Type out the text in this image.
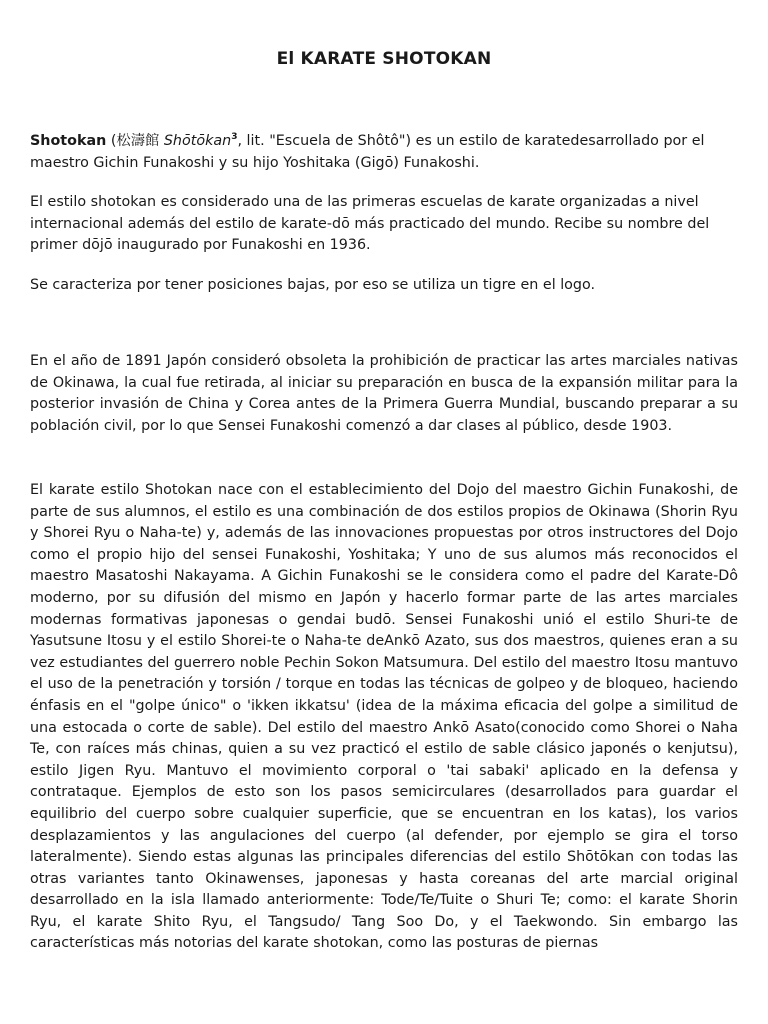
El KARATE SHOTOKAN

Shotokan (松濤館 Shōtōkan$^3$, lit. "Escuela de Shôtô") es un estilo de karatedesarrollado por el maestro Gichin Funakoshi y su hijo Yoshitaka (Gigō) Funakoshi.

El estilo shotokan es considerado una de las primeras escuelas de karate organizadas a nivel internacional además del estilo de karate-dō más practicado del mundo. Recibe su nombre del primer dōjō inaugurado por Funakoshi en 1936.

Se caracteriza por tener posiciones bajas, por eso se utiliza un tigre en el logo.

En el año de 1891 Japón consideró obsoleta la prohibición de practicar las artes marciales nativas de Okinawa, la cual fue retirada, al iniciar su preparación en busca de la expansión militar para la posterior invasión de China y Corea antes de la Primera Guerra Mundial, buscando preparar a su población civil, por lo que Sensei Funakoshi comenzó a dar clases al público, desde 1903.

El karate estilo Shotokan nace con el establecimiento del Dojo del maestro Gichin Funakoshi, de parte de sus alumnos, el estilo es una combinación de dos estilos propios de Okinawa (Shorin Ryu y Shorei Ryu o Naha-te) y, además de las innovaciones propuestas por otros instructores del Dojo como el propio hijo del sensei Funakoshi, Yoshitaka; Y uno de sus alumos más reconocidos el maestro Masatoshi Nakayama. A Gichin Funakoshi se le considera como el padre del Karate-Dô moderno, por su difusión del mismo en Japón y hacerlo formar parte de las artes marciales modernas formativas japonesas o gendai budō. Sensei Funakoshi unió el estilo Shuri-te de Yasutsune Itosu y el estilo Shorei-te o Naha-te deAnkō Azato, sus dos maestros, quienes eran a su vez estudiantes del guerrero noble Pechin Sokon Matsumura. Del estilo del maestro Itosu mantuvo el uso de la penetración y torsión / torque en todas las técnicas de golpeo y de bloqueo, haciendo énfasis en el "golpe único" o 'ikken ikkatsu' (idea de la máxima eficacia del golpe a similitud de una estocada o corte de sable). Del estilo del maestro Ankō Asato(conocido como Shorei o Naha Te, con raíces más chinas, quien a su vez practicó el estilo de sable clásico japonés o kenjutsu), estilo Jigen Ryu. Mantuvo el movimiento corporal o 'tai sabaki' aplicado en la defensa y contrataque. Ejemplos de esto son los pasos semicirculares (desarrollados para guardar el equilibrio del cuerpo sobre cualquier superficie, que se encuentran en los katas), los varios desplazamientos y las angulaciones del cuerpo (al defender, por ejemplo se gira el torso lateralmente). Siendo estas algunas las principales diferencias del estilo Shōtōkan con todas las otras variantes tanto Okinawenses, japonesas y hasta coreanas del arte marcial original desarrollado en la isla llamado anteriormente: Tode/Te/Tuite o Shuri Te; como: el karate Shorin Ryu, el karate Shito Ryu, el Tangsudo/ Tang Soo Do, y el Taekwondo. Sin embargo las características más notorias del karate shotokan, como las posturas de piernas
